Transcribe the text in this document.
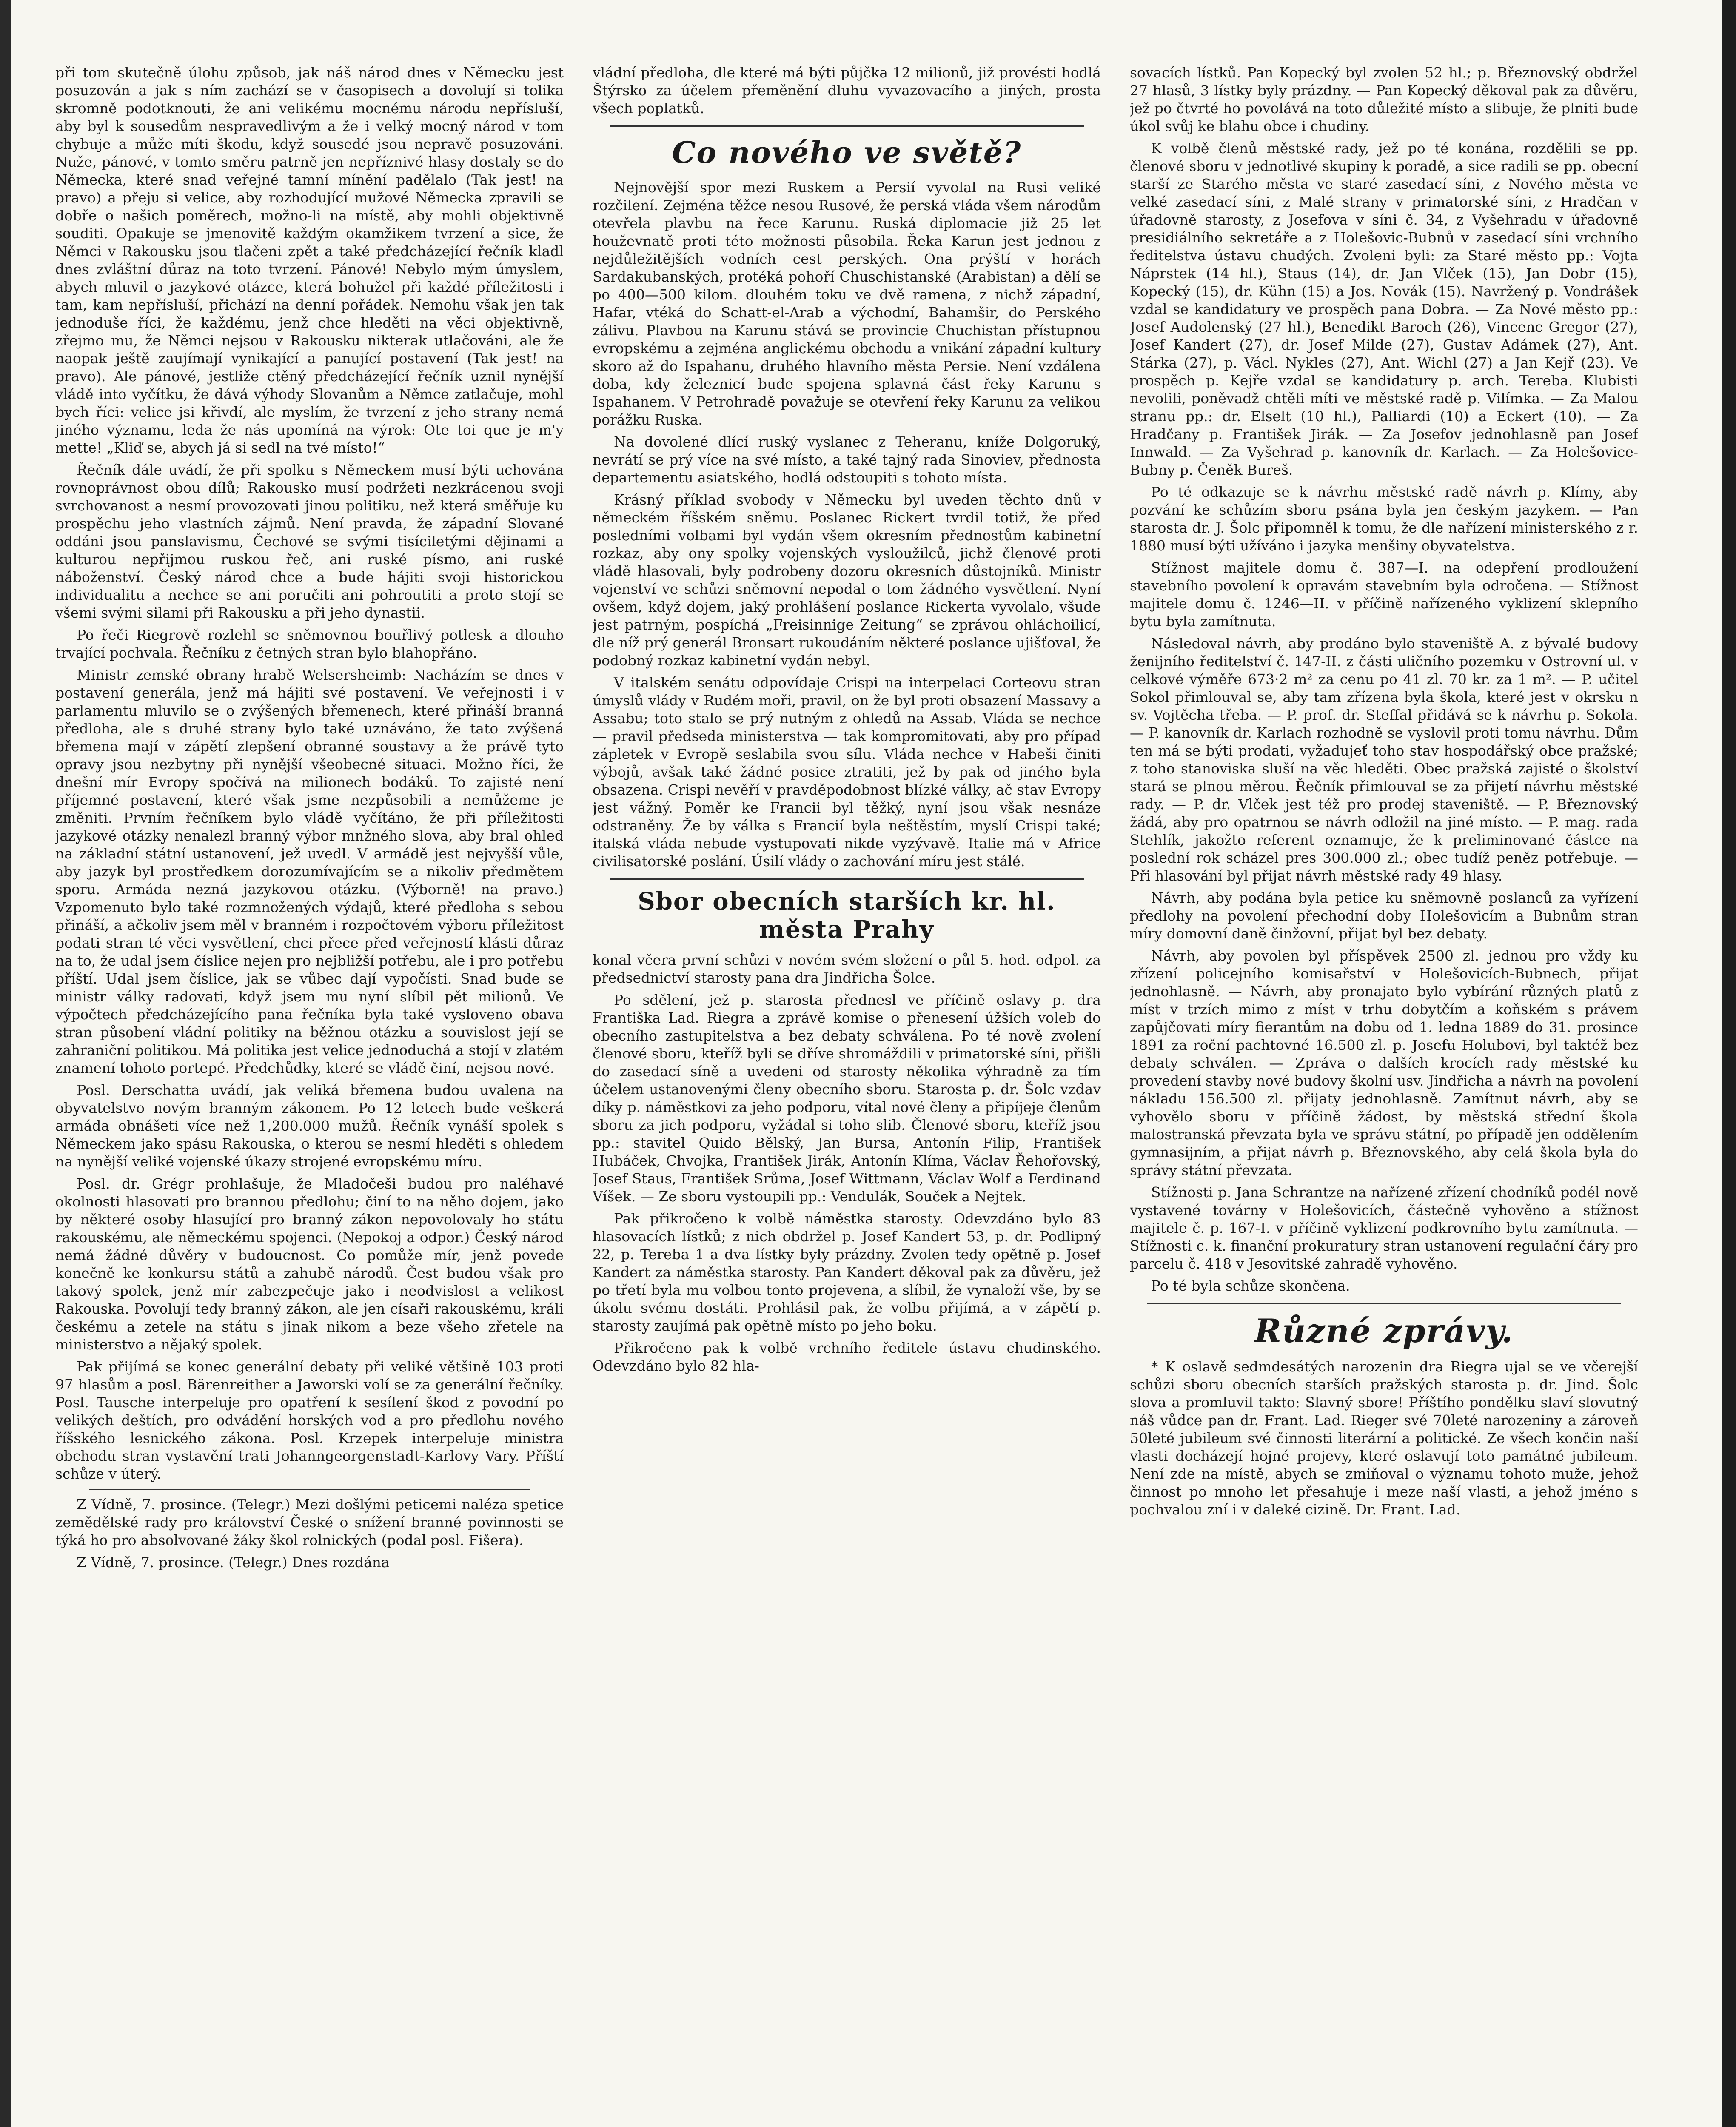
při tom skutečně úlohu způsob, jak náš národ dnes v Německu jest posuzován a jak s ním zachází se v časopisech a dovolují si tolika skromně podotknouti, že ani velikému mocnému národu nepřísluší, aby byl k sousedům nespravedlivým a že i velký mocný národ v tom chybuje a může míti škodu, když sousedé jsou nepravě posuzováni. Nuže, pánové, v tomto směru patrně jen nepříznivé hlasy dostaly se do Německa, které snad veřejné tamní mínění padělalo (Tak jest! na pravo) a přeju si velice, aby rozhodující mužové Německa zpravili se dobře o našich poměrech, možno-li na místě, aby mohli objektivně souditi. Opakuje se jmenovitě každým okamžikem tvrzení a sice, že Němci v Rakousku jsou tlačeni zpět a také předcházející řečník kladl dnes zvláštní důraz na toto tvrzení. Pánové! Nebylo mým úmyslem, abych mluvil o jazykové otázce, která bohužel při každé příležitosti i tam, kam nepřísluší, přichází na denní pořádek. Nemohu však jen tak jednoduše říci, že každému, jenž chce hleděti na věci objektivně, zřejmo mu, že Němci nejsou v Rakousku nikterak utlačováni, ale že naopak ještě zaujímají vynikající a panující postavení (Tak jest! na pravo). Ale pánové, jestliže ctěný předcházející řečník uznil nynější vládě into vyčítku, že dává výhody Slovanům a Němce zatlačuje, mohl bych říci: velice jsi křivdí, ale myslím, že tvrzení z jeho strany nemá jiného významu, leda že nás upomíná na výrok: Ote toi que je m'y mette! „Kliď se, abych já si sedl na tvé místo!“

Řečník dále uvádí, že při spolku s Německem musí býti uchována rovnoprávnost obou dílů; Rakousko musí podržeti nezkrácenou svoji svrchovanost a nesmí provozovati jinou politiku, než která směřuje ku prospěchu jeho vlastních zájmů. Není pravda, že západní Slované oddáni jsou panslavismu, Čechové se svými tisíciletými dějinami a kulturou nepřijmou ruskou řeč, ani ruské písmo, ani ruské náboženství. Český národ chce a bude hájiti svoji historickou individualitu a nechce se ani poručiti ani pohroutiti a proto stojí se všemi svými silami při Rakousku a při jeho dynastii.

Po řeči Riegrově rozlehl se sněmovnou bouřlivý potlesk a dlouho trvající pochvala. Řečníku z četných stran bylo blahopřáno.

Ministr zemské obrany hrabě Welsersheimb: Nacházím se dnes v postavení generála, jenž má hájiti své postavení. Ve veřejnosti i v parlamentu mluvilo se o zvýšených břemenech, které přináší branná předloha, ale s druhé strany bylo také uznáváno, že tato zvýšená břemena mají v zápětí zlepšení obranné soustavy a že právě tyto opravy jsou nezbytny při nynější všeobecné situaci. Možno říci, že dnešní mír Evropy spočívá na milionech bodáků. To zajisté není příjemné postavení, které však jsme nezpůsobili a nemůžeme je změniti. Prvním řečníkem bylo vládě vyčítáno, že při příležitosti jazykové otázky nenalezl branný výbor mnžného slova, aby bral ohled na základní státní ustanovení, jež uvedl. V armádě jest nejvyšší vůle, aby jazyk byl prostředkem dorozumívajícím se a nikoliv předmětem sporu. Armáda nezná jazykovou otázku. (Výborně! na pravo.) Vzpomenuto bylo také rozmnožených výdajů, které předloha s sebou přináší, a ačkoliv jsem měl v branném i rozpočtovém výboru příležitost podati stran té věci vysvětlení, chci přece před veřejností klásti důraz na to, že udal jsem číslice nejen pro nejbližší potřebu, ale i pro potřebu příští. Udal jsem číslice, jak se vůbec dají vypočísti. Snad bude se ministr války radovati, když jsem mu nyní slíbil pět milionů. Ve výpočtech předcházejícího pana řečníka byla také vysloveno obava stran působení vládní politiky na běžnou otázku a souvislost její se zahraniční politikou. Má politika jest velice jednoduchá a stojí v zlatém znamení tohoto portepé. Předchůdky, které se vládě činí, nejsou nové.

Posl. Derschatta uvádí, jak veliká břemena budou uvalena na obyvatelstvo novým branným zákonem. Po 12 letech bude veškerá armáda obnášeti více než 1,200.000 mužů. Řečník vynáší spolek s Německem jako spásu Rakouska, o kterou se nesmí hleděti s ohledem na nynější veliké vojenské úkazy strojené evropskému míru.

Posl. dr. Grégr prohlašuje, že Mladočeši budou pro naléhavé okolnosti hlasovati pro brannou předlohu; činí to na něho dojem, jako by některé osoby hlasující pro branný zákon nepovolovaly ho státu rakouskému, ale německému spojenci. (Nepokoj a odpor.) Český národ nemá žádné důvěry v budoucnost. Co pomůže mír, jenž povede konečně ke konkursu států a zahubě národů. Čest budou však pro takový spolek, jenž mír zabezpečuje jako i neodvislost a velikost Rakouska. Povolují tedy branný zákon, ale jen císaři rakouskému, králi českému a zetele na státu s jinak nikom a beze všeho zřetele na ministerstvo a nějaký spolek.

Pak přijímá se konec generální debaty při veliké většině 103 proti 97 hlasům a posl. Bärenreither a Jaworski volí se za generální řečníky. Posl. Tausche interpeluje pro opatření k sesílení škod z povodní po velikých deštích, pro odvádění horských vod a pro předlohu nového říšského lesnického zákona. Posl. Krzepek interpeluje ministra obchodu stran vystavění trati Johanngeorgenstadt-Karlovy Vary. Příští schůze v úterý.

Z Vídně, 7. prosince. (Telegr.) Mezi došlými peticemi naléza spetice zemědělské rady pro království České o snížení branné povinnosti se týká ho pro absolvované žáky škol rolnických (podal posl. Fišera).

Z Vídně, 7. prosince. (Telegr.) Dnes rozdána

vládní předloha, dle které má býti půjčka 12 milionů, již provésti hodlá Štýrsko za účelem přeměnění dluhu vyvazovacího a jiných, prosta všech poplatků.

Co nového ve světě?

Nejnovější spor mezi Ruskem a Persií vyvolal na Rusi veliké rozčilení. Zejména těžce nesou Rusové, že perská vláda všem národům otevřela plavbu na řece Karunu. Ruská diplomacie již 25 let houževnatě proti této možnosti působila. Řeka Karun jest jednou z nejdůležitějších vodních cest perských. Ona prýští v horách Sardakubanských, protéká pohoří Chuschistanské (Arabistan) a dělí se po 400—500 kilom. dlouhém toku ve dvě ramena, z nichž západní, Hafar, vtéká do Schatt-el-Arab a východní, Bahamšir, do Perského zálivu. Plavbou na Karunu stává se provincie Chuchistan přístupnou evropskému a zejména anglickému obchodu a vnikání západní kultury skoro až do Ispahanu, druhého hlavního města Persie. Není vzdálena doba, kdy železnicí bude spojena splavná část řeky Karunu s Ispahanem. V Petrohradě považuje se otevření řeky Karunu za velikou porážku Ruska.

Na dovolené dlící ruský vyslanec z Teheranu, kníže Dolgoruký, nevrátí se prý více na své místo, a také tajný rada Sinoviev, přednosta departementu asiatského, hodlá odstoupiti s tohoto místa.

Krásný příklad svobody v Německu byl uveden těchto dnů v německém říšském sněmu. Poslanec Rickert tvrdil totiž, že před posledními volbami byl vydán všem okresním přednostům kabinetní rozkaz, aby ony spolky vojenských vysloužilců, jichž členové proti vládě hlasovali, byly podrobeny dozoru okresních důstojníků. Ministr vojenství ve schůzi sněmovní nepodal o tom žádného vysvětlení. Nyní ovšem, když dojem, jaký prohlášení poslance Rickerta vyvolalo, všude jest patrným, pospíchá „Freisinnige Zeitung“ se zprávou ohláchoilicí, dle níž prý generál Bronsart rukoudáním některé poslance ujišťoval, že podobný rozkaz kabinetní vydán nebyl.

V italském senátu odpovídaje Crispi na interpelaci Corteovu stran úmyslů vlády v Rudém moři, pravil, on že byl proti obsazení Massavy a Assabu; toto stalo se prý nutným z ohledů na Assab. Vláda se nechce — pravil předseda ministerstva — tak kompromitovati, aby pro případ zápletek v Evropě seslabila svou sílu. Vláda nechce v Habeši činiti výbojů, avšak také žádné posice ztratiti, jež by pak od jiného byla obsazena. Crispi nevěří v pravděpodobnost blízké války, ač stav Evropy jest vážný. Poměr ke Francii byl těžký, nyní jsou však nesnáze odstraněny. Že by válka s Francií byla neštěstím, myslí Crispi také; italská vláda nebude vystupovati nikde vyzývavě. Italie má v Africe civilisatorské poslání. Úsilí vlády o zachování míru jest stálé.

Sbor obecních starších kr. hl. města Prahy

konal včera první schůzi v novém svém složení o půl 5. hod. odpol. za předsednictví starosty pana dra Jindřicha Šolce.

Po sdělení, jež p. starosta přednesl ve příčině oslavy p. dra Františka Lad. Riegra a zprávě komise o přenesení úžších voleb do obecního zastupitelstva a bez debaty schválena. Po té nově zvolení členové sboru, kteříž byli se dříve shromáždili v primatorské síni, přišli do zasedací síně a uvedeni od starosty několika výhradně za tím účelem ustanovenými členy obecního sboru. Starosta p. dr. Šolc vzdav díky p. náměstkovi za jeho podporu, vítal nové členy a připíjeje členům sboru za jich podporu, vyžádal si toho slib. Členové sboru, kteříž jsou pp.: stavitel Quido Bělský, Jan Bursa, Antonín Filip, František Hubáček, Chvojka, František Jirák, Antonín Klíma, Václav Řehořovský, Josef Staus, František Srůma, Josef Wittmann, Václav Wolf a Ferdinand Víšek. — Ze sboru vystoupili pp.: Vendulák, Souček a Nejtek.

Pak přikročeno k volbě náměstka starosty. Odevzdáno bylo 83 hlasovacích lístků; z nich obdržel p. Josef Kandert 53, p. dr. Podlipný 22, p. Tereba 1 a dva lístky byly prázdny. Zvolen tedy opětně p. Josef Kandert za náměstka starosty. Pan Kandert děkoval pak za důvěru, jež po třetí byla mu volbou tonto projevena, a slíbil, že vynaloží vše, by se úkolu svému dostáti. Prohlásil pak, že volbu přijímá, a v zápětí p. starosty zaujímá pak opětně místo po jeho boku.

Přikročeno pak k volbě vrchního ředitele ústavu chudinského. Odevzdáno bylo 82 hla-

sovacích lístků. Pan Kopecký byl zvolen 52 hl.; p. Březnovský obdržel 27 hlasů, 3 lístky byly prázdny. — Pan Kopecký děkoval pak za důvěru, jež po čtvrté ho povolává na toto důležité místo a slibuje, že plniti bude úkol svůj ke blahu obce i chudiny.

K volbě členů městské rady, jež po té konána, rozdělili se pp. členové sboru v jednotlivé skupiny k poradě, a sice radili se pp. obecní starší ze Starého města ve staré zasedací síni, z Nového města ve velké zasedací síni, z Malé strany v primatorské síni, z Hradčan v úřadovně starosty, z Josefova v síni č. 34, z Vyšehradu v úřadovně presidiálního sekretáře a z Holešovic-Bubnů v zasedací síni vrchního ředitelstva ústavu chudých. Zvoleni byli: za Staré město pp.: Vojta Náprstek (14 hl.), Staus (14), dr. Jan Vlček (15), Jan Dobr (15), Kopecký (15), dr. Kühn (15) a Jos. Novák (15). Navržený p. Vondrášek vzdal se kandidatury ve prospěch pana Dobra. — Za Nové město pp.: Josef Audolenský (27 hl.), Benedikt Baroch (26), Vincenc Gregor (27), Josef Kandert (27), dr. Josef Milde (27), Gustav Adámek (27), Ant. Stárka (27), p. Václ. Nykles (27), Ant. Wichl (27) a Jan Kejř (23). Ve prospěch p. Kejře vzdal se kandidatury p. arch. Tereba. Klubisti nevolili, poněvadž chtěli míti ve městské radě p. Vilímka. — Za Malou stranu pp.: dr. Elselt (10 hl.), Palliardi (10) a Eckert (10). — Za Hradčany p. František Jirák. — Za Josefov jednohlasně pan Josef Innwald. — Za Vyšehrad p. kanovník dr. Karlach. — Za Holešovice-Bubny p. Čeněk Bureš.

Po té odkazuje se k návrhu městské radě návrh p. Klímy, aby pozvání ke schůzím sboru psána byla jen českým jazykem. — Pan starosta dr. J. Šolc připomněl k tomu, že dle nařízení ministerského z r. 1880 musí býti užíváno i jazyka menšiny obyvatelstva.

Stížnost majitele domu č. 387—I. na odepření prodloužení stavebního povolení k opravám stavebním byla odročena. — Stížnost majitele domu č. 1246—II. v příčině nařízeného vyklizení sklepního bytu byla zamítnuta.

Následoval návrh, aby prodáno bylo staveniště A. z bývalé budovy ženijního ředitelství č. 147-II. z části uličního pozemku v Ostrovní ul. v celkové výměře 673·2 m² za cenu po 41 zl. 70 kr. za 1 m². — P. učitel Sokol přimlouval se, aby tam zřízena byla škola, které jest v okrsku n sv. Vojtěcha třeba. — P. prof. dr. Steffal přidává se k návrhu p. Sokola. — P. kanovník dr. Karlach rozhodně se vyslovil proti tomu návrhu. Dům ten má se býti prodati, vyžadujeť toho stav hospodářský obce pražské; z toho stanoviska sluší na věc hleděti. Obec pražská zajisté o školství stará se plnou měrou. Řečník přimlouval se za přijetí návrhu městské rady. — P. dr. Vlček jest též pro prodej staveniště. — P. Březnovský žádá, aby pro opatrnou se návrh odložil na jiné místo. — P. mag. rada Stehlík, jakožto referent oznamuje, že k preliminované částce na poslední rok scházel pres 300.000 zl.; obec tudíž peněz potřebuje. — Při hlasování byl přijat návrh městské rady 49 hlasy.

Návrh, aby podána byla petice ku sněmovně poslanců za vyřízení předlohy na povolení přechodní doby Holešovicím a Bubnům stran míry domovní daně činžovní, přijat byl bez debaty.

Návrh, aby povolen byl příspěvek 2500 zl. jednou pro vždy ku zřízení policejního komisařství v Holešovicích-Bubnech, přijat jednohlasně. — Návrh, aby pronajato bylo vybírání různých platů z míst v trzích mimo z míst v trhu dobytčím a koňském s právem zapůjčovati míry fierantům na dobu od 1. ledna 1889 do 31. prosince 1891 za roční pachtovné 16.500 zl. p. Josefu Holubovi, byl taktéž bez debaty schválen. — Zpráva o dalších krocích rady městské ku provedení stavby nové budovy školní usv. Jindřicha a návrh na povolení nákladu 156.500 zl. přijaty jednohlasně. Zamítnut návrh, aby se vyhovělo sboru v příčině žádost, by městská střední škola malostranská převzata byla ve správu státní, po případě jen oddělením gymnasijním, a přijat návrh p. Březnovského, aby celá škola byla do správy státní převzata.

Stížnosti p. Jana Schrantze na nařízené zřízení chodníků podél nově vystavené továrny v Holešovicích, částečně vyhověno a stížnost majitele č. p. 167-I. v příčině vyklizení podkrovního bytu zamítnuta. — Stížnosti c. k. finanční prokuratury stran ustanovení regulační čáry pro parcelu č. 418 v Jesovitské zahradě vyhověno.

Po té byla schůze skončena.

Různé zprávy.

* K oslavě sedmdesátých narozenin dra Riegra ujal se ve včerejší schůzi sboru obecních starších pražských starosta p. dr. Jind. Šolc slova a promluvil takto: Slavný sbore! Příštího pondělku slaví slovutný náš vůdce pan dr. Frant. Lad. Rieger své 70leté narozeniny a zároveň 50leté jubileum své činnosti literární a politické. Ze všech končin naší vlasti docházejí hojné projevy, které oslavují toto památné jubileum. Není zde na místě, abych se zmiňoval o významu tohoto muže, jehož činnost po mnoho let přesahuje i meze naší vlasti, a jehož jméno s pochvalou zní i v daleké cizině. Dr. Frant. Lad.
